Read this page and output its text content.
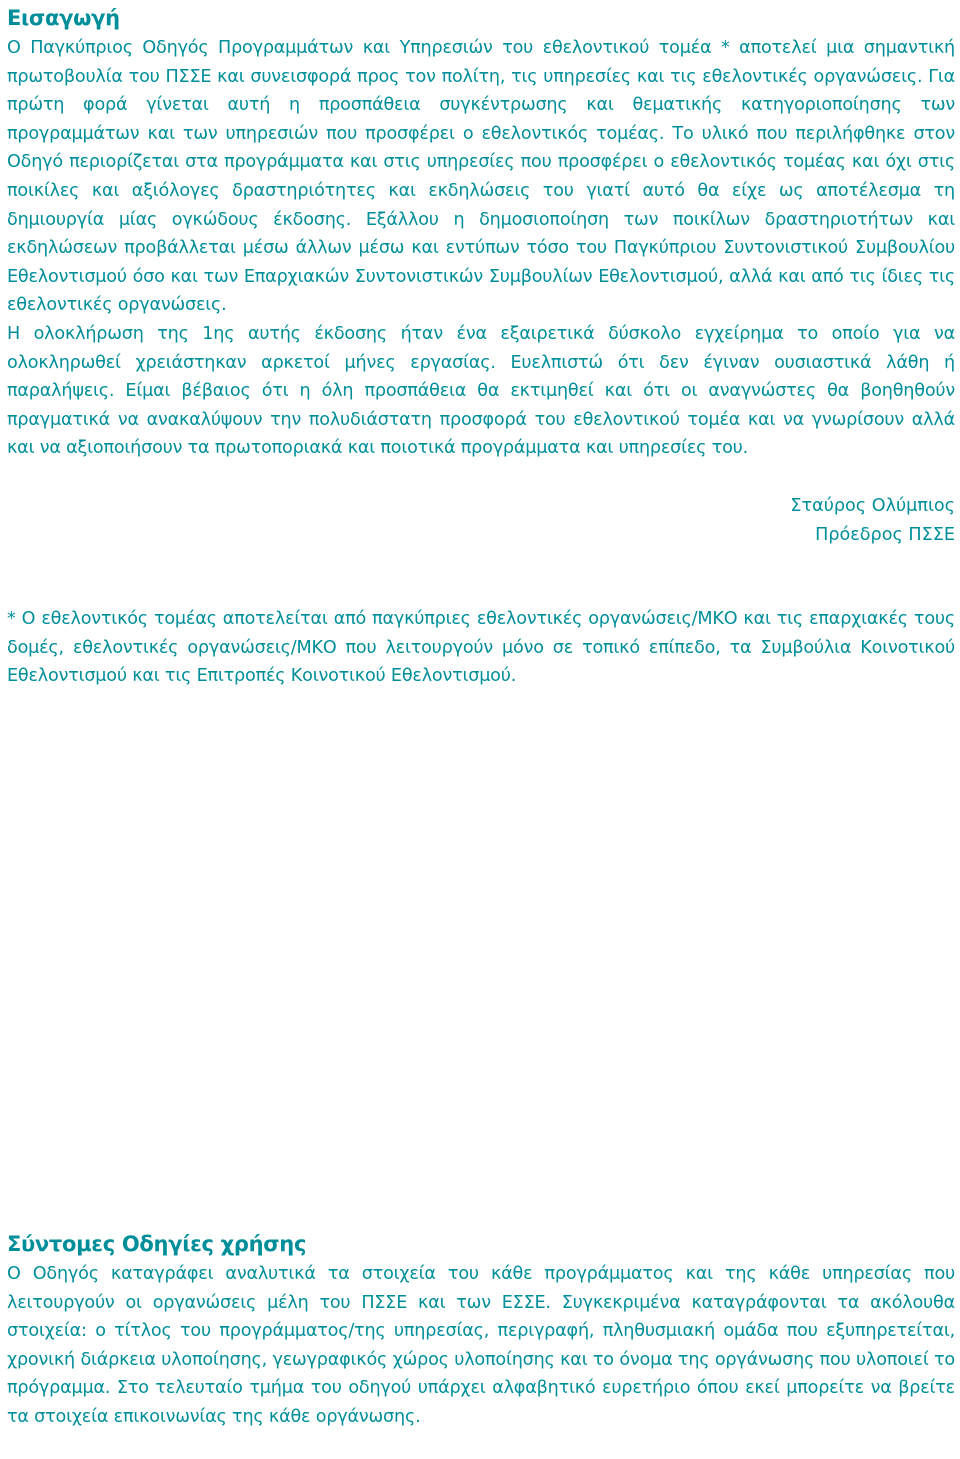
Εισαγωγή

Ο Παγκύπριος Οδηγός Προγραμμάτων και Υπηρεσιών του εθελοντικού τομέα * αποτελεί μια σημαντική πρωτοβουλία του ΠΣΣΕ και συνεισφορά προς τον πολίτη, τις υπηρεσίες και τις εθελοντικές οργανώσεις. Για πρώτη φορά γίνεται αυτή η προσπάθεια συγκέντρωσης και θεματικής κατηγοριοποίησης των προγραμμάτων και των υπηρεσιών που προσφέρει ο εθελοντικός τομέας. Το υλικό που περιλήφθηκε στον Οδηγό περιορίζεται στα προγράμματα και στις υπηρεσίες που προσφέρει ο εθελοντικός τομέας και όχι στις ποικίλες και αξιόλογες δραστηριότητες και εκδηλώσεις του γιατί αυτό θα είχε ως αποτέλεσμα τη δημιουργία μίας ογκώδους έκδοσης. Εξάλλου η δημοσιοποίηση των ποικίλων δραστηριοτήτων και εκδηλώσεων προβάλλεται μέσω άλλων μέσω και εντύπων τόσο του Παγκύπριου Συντονιστικού Συμβουλίου Εθελοντισμού όσο και των Επαρχιακών Συντονιστικών Συμβουλίων Εθελοντισμού, αλλά και από τις ίδιες τις εθελοντικές οργανώσεις.

Η ολοκλήρωση της 1ης αυτής έκδοσης ήταν ένα εξαιρετικά δύσκολο εγχείρημα το οποίο για να ολοκληρωθεί χρειάστηκαν αρκετοί μήνες εργασίας. Ευελπιστώ ότι δεν έγιναν ουσιαστικά λάθη ή παραλήψεις. Είμαι βέβαιος ότι η όλη προσπάθεια θα εκτιμηθεί και ότι οι αναγνώστες θα βοηθηθούν πραγματικά να ανακαλύψουν την πολυδιάστατη προσφορά του εθελοντικού τομέα και να γνωρίσουν αλλά και να αξιοποιήσουν τα πρωτοποριακά και ποιοτικά προγράμματα και υπηρεσίες του.

Σταύρος Ολύμπιος
Πρόεδρος ΠΣΣΕ

* Ο εθελοντικός τομέας αποτελείται από παγκύπριες εθελοντικές οργανώσεις/ΜΚΟ και τις επαρχιακές τους δομές, εθελοντικές οργανώσεις/ΜΚΟ που λειτουργούν μόνο σε τοπικό επίπεδο, τα Συμβούλια Κοινοτικού Εθελοντισμού και τις Επιτροπές Κοινοτικού Εθελοντισμού.

Σύντομες Οδηγίες χρήσης

Ο Οδηγός καταγράφει αναλυτικά τα στοιχεία του κάθε προγράμματος και της κάθε υπηρεσίας που λειτουργούν οι οργανώσεις μέλη του ΠΣΣΕ και των ΕΣΣΕ. Συγκεκριμένα καταγράφονται τα ακόλουθα στοιχεία: ο τίτλος του προγράμματος/της υπηρεσίας, περιγραφή, πληθυσμιακή ομάδα που εξυπηρετείται, χρονική διάρκεια υλοποίησης, γεωγραφικός χώρος υλοποίησης και το όνομα της οργάνωσης που υλοποιεί το πρόγραμμα. Στο τελευταίο τμήμα του οδηγού υπάρχει αλφαβητικό ευρετήριο όπου εκεί μπορείτε να βρείτε τα στοιχεία επικοινωνίας της κάθε οργάνωσης.
